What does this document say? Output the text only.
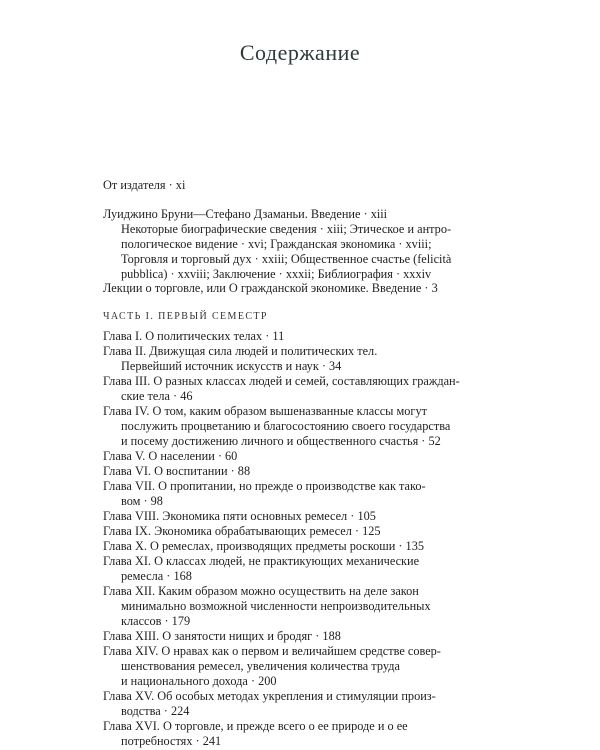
Содержание
От издателя · xi
Луиджино Бруни—Стефано Дзаманьи. Введение · xiii
Некоторые биографические сведения · xiii; Этическое и антро-
пологическое видение · xvi; Гражданская экономика · xviii;
Торговля и торговый дух · xxiii; Общественное счастье (felicità
pubblica) · xxviii; Заключение · xxxii; Библиография · xxxiv
Лекции о торговле, или О гражданской экономике. Введение · 3
ЧАСТЬ I. ПЕРВЫЙ СЕМЕСТР
Глава I. О политических телах · 11
Глава II. Движущая сила людей и политических тел.
Первейший источник искусств и наук · 34
Глава III. О разных классах людей и семей, составляющих граждан-
ские тела · 46
Глава IV. О том, каким образом вышеназванные классы могут
послужить процветанию и благосостоянию своего государства
и посему достижению личного и общественного счастья · 52
Глава V. О населении · 60
Глава VI. О воспитании · 88
Глава VII. О пропитании, но прежде о производстве как тако-
вом · 98
Глава VIII. Экономика пяти основных ремесел · 105
Глава IX. Экономика обрабатывающих ремесел · 125
Глава X. О ремеслах, производящих предметы роскоши · 135
Глава XI. О классах людей, не практикующих механические
ремесла · 168
Глава XII. Каким образом можно осуществить на деле закон
минимально возможной численности непроизводительных
классов · 179
Глава XIII. О занятости нищих и бродяг · 188
Глава XIV. О нравах как о первом и величайшем средстве совер-
шенствования ремесел, увеличения количества труда
и национального дохода · 200
Глава XV. Об особых методах укрепления и стимуляции произ-
водства · 224
Глава XVI. О торговле, и прежде всего о ее природе и о ее
потребностях · 241
